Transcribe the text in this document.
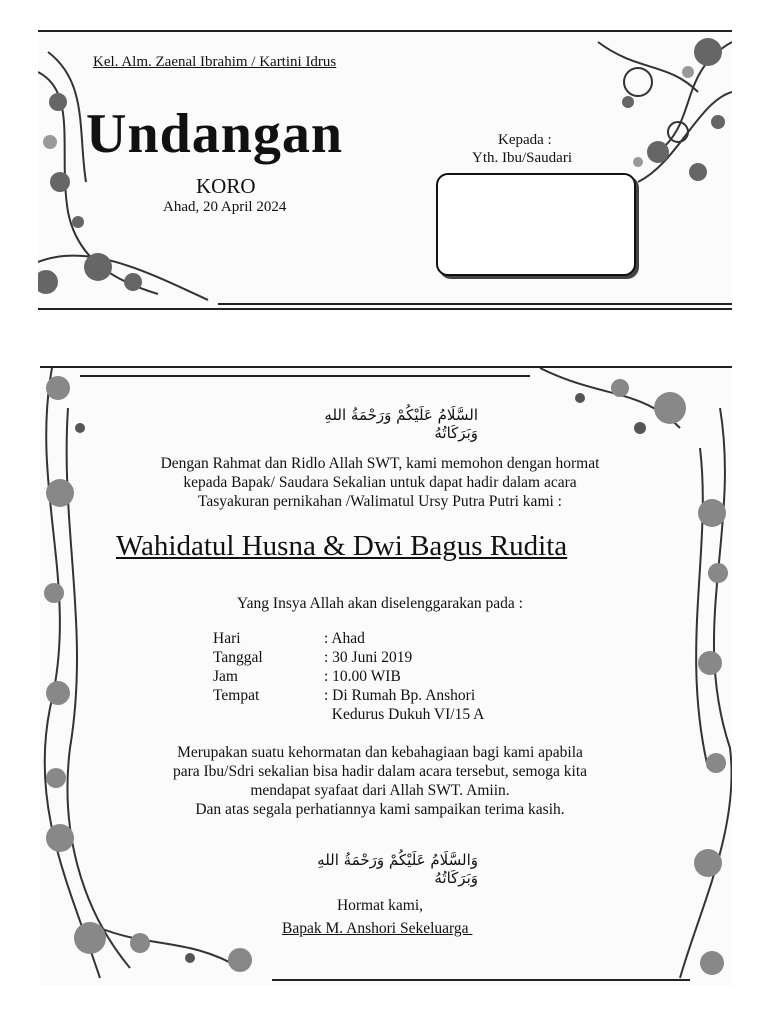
Kel. Alm. Zaenal Ibrahim / Kartini Idrus
Undangan
KORO
Ahad, 20 April 2024
Kepada :
Yth. Ibu/Saudari
السَّلَامُ عَلَيْكُمْ وَرَحْمَةُ اللهِ وَبَرَكَاتُهُ
Dengan Rahmat dan Ridlo Allah SWT, kami memohon dengan hormat
kepada Bapak/ Saudara Sekalian untuk dapat hadir dalam acara
Tasyakuran pernikahan /Walimatul Ursy Putra Putri kami :
Wahidatul Husna & Dwi Bagus Rudita
Yang Insya Allah akan diselenggarakan pada :
Hari	: Ahad
Tanggal	: 30 Juni 2019
Jam	: 10.00 WIB
Tempat	: Di Rumah Bp. Anshori
Kedurus Dukuh VI/15 A
Merupakan suatu kehormatan dan kebahagiaan bagi kami apabila
para Ibu/Sdri sekalian bisa hadir dalam acara tersebut, semoga kita
mendapat syafaat dari Allah SWT. Amiin.
Dan atas segala perhatiannya kami sampaikan terima kasih.
وَالسَّلَامُ عَلَيْكُمْ وَرَحْمَةُ اللهِ وَبَرَكَاتُهُ
Hormat kami,
Bapak M. Anshori Sekeluarga
